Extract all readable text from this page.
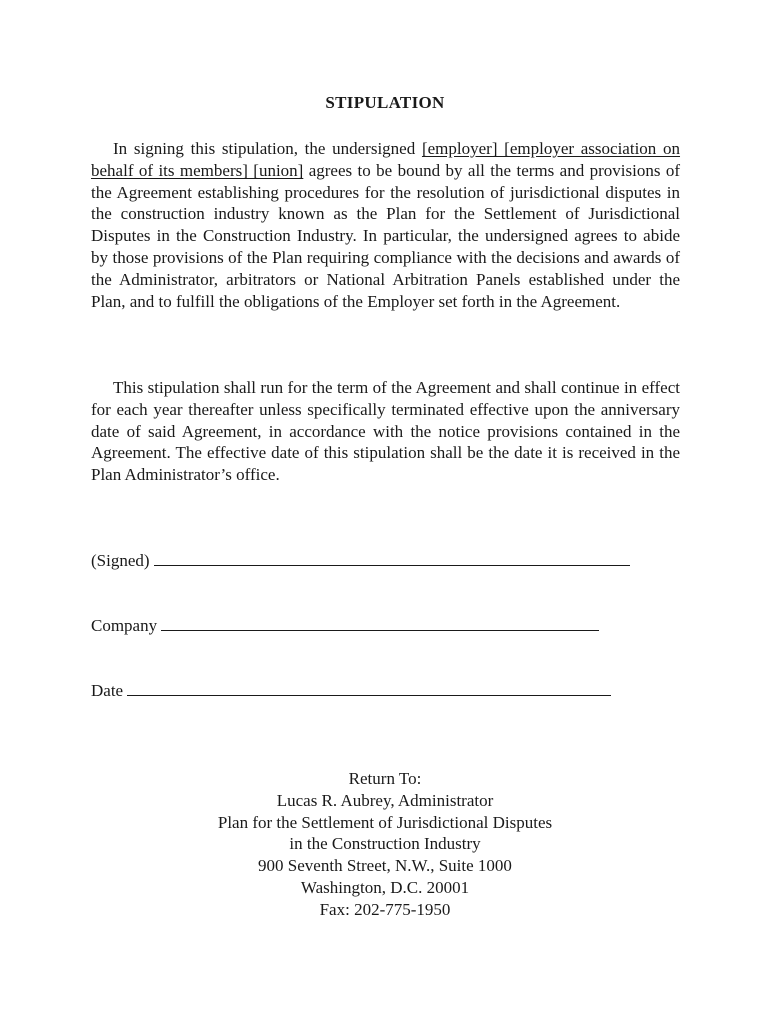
STIPULATION

In signing this stipulation, the undersigned [employer] [employer association on behalf of its members] [union] agrees to be bound by all the terms and provisions of the Agreement establishing procedures for the resolution of jurisdictional disputes in the construction industry known as the Plan for the Settlement of Jurisdictional Disputes in the Construction Industry. In particular, the undersigned agrees to abide by those provisions of the Plan requiring compliance with the decisions and awards of the Administrator, arbitrators or National Arbitration Panels established under the Plan, and to fulfill the obligations of the Employer set forth in the Agreement.

This stipulation shall run for the term of the Agreement and shall continue in effect for each year thereafter unless specifically terminated effective upon the anniversary date of said Agreement, in accordance with the notice provisions contained in the Agreement. The effective date of this stipulation shall be the date it is received in the Plan Administrator’s office.

(Signed)
Company
Date
Return To:
Lucas R. Aubrey, Administrator
Plan for the Settlement of Jurisdictional Disputes
in the Construction Industry
900 Seventh Street, N.W., Suite 1000
Washington, D.C. 20001
Fax: 202-775-1950
